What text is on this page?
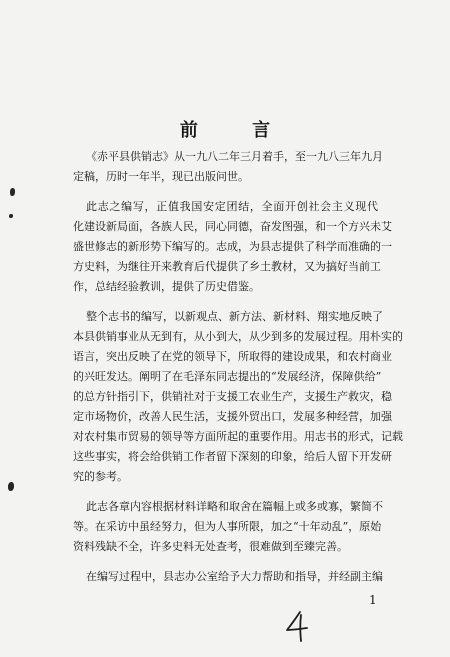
前 言
《赤平县供销志》从一九八二年三月着手，至一九八三年九月
定稿，历时一年半，现已出版问世。
此志之编写，正值我国安定团结，全面开创社会主义现代
化建设新局面，各族人民，同心同德，奋发图强，和一个方兴未艾
盛世修志的新形势下编写的。志成，为县志提供了科学而准确的一
方史料，为继往开来教育后代提供了乡土教材，又为搞好当前工
作，总结经验教训，提供了历史借鉴。
整个志书的编写，以新观点、新方法、新材料、翔实地反映了
本县供销事业从无到有，从小到大，从少到多的发展过程。用朴实的
语言，突出反映了在党的领导下，所取得的建设成果，和农村商业
的兴旺发达。阐明了在毛泽东同志提出的“发展经济，保障供给”
的总方针指引下，供销社对于支援工农业生产，支援生产救灾，稳
定市场物价，改善人民生活，支援外贸出口，发展多种经营，加强
对农村集市贸易的领导等方面所起的重要作用。用志书的形式，记载
这些事实，将会给供销工作者留下深刻的印象，给后人留下开发研
究的参考。
此志各章内容根据材料详略和取舍在篇幅上或多或寡，繁简不
等。在采访中虽经努力，但为人事所限，加之“十年动乱”，原始
资料残缺不全，许多史料无处查考，很难做到至臻完善。
在编写过程中，县志办公室给予大力帮助和指导，并经副主编
1
